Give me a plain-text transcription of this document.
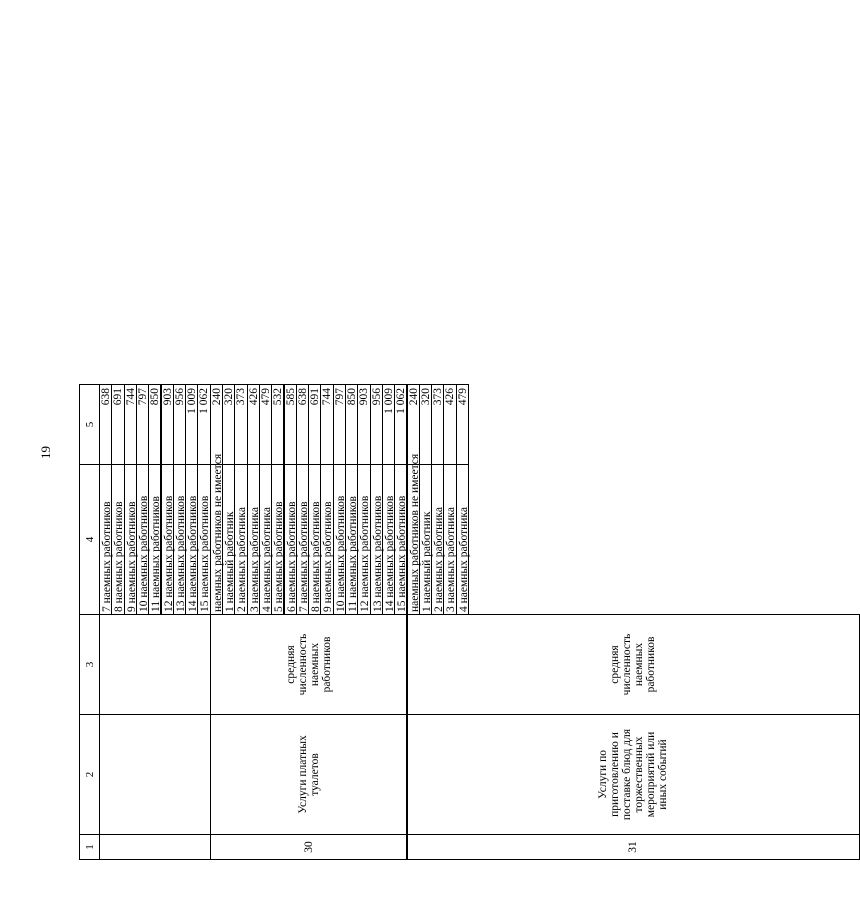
19
1
2
3
4
5
7 наемных работников
638
8 наемных работников
691
9 наемных работников
744
10 наемных работников
797
11 наемных работников
850
12 наемных работников
903
13 наемных работников
956
14 наемных работников
1 009
15 наемных работников
1 062
30
Услуги платных туалетов
средняя численность наемных работников
наемных работников не имеется
240
1 наемный работник
320
2 наемных работника
373
3 наемных работника
426
4 наемных работника
479
5 наемных работников
532
6 наемных работников
585
7 наемных работников
638
8 наемных работников
691
9 наемных работников
744
10 наемных работников
797
11 наемных работников
850
12 наемных работников
903
13 наемных работников
956
14 наемных работников
1 009
15 наемных работников
1 062
31
Услуги по приготовлению и поставке блюд для торжественных мероприятий или иных событий
средняя численность наемных работников
наемных работников не имеется
240
1 наемный работник
320
2 наемных работника
373
3 наемных работника
426
4 наемных работника
479
